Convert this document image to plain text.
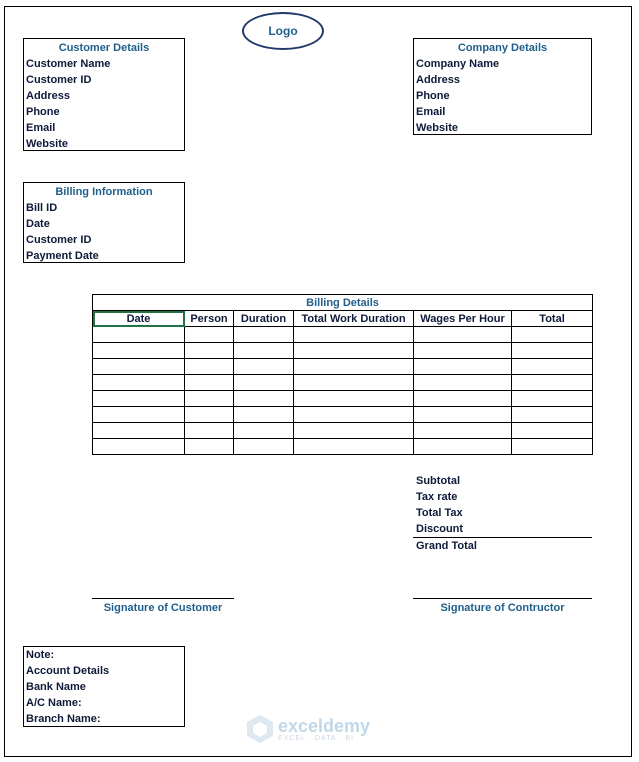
Logo
Customer Details
Customer Name
Customer ID
Address
Phone
Email
Website
Company Details
Company Name
Address
Phone
Email
Website
Billing Information
Bill ID
Date
Customer ID
Payment Date
Billing Details					
Date	Person	Duration	Total Work Duration	Wages Per Hour	Total

Subtotal
Tax rate
Total Tax
Discount
Grand Total
Signature of Customer	Signature of Contructor
Note:
Account Details
Bank Name
A/C Name:
Branch Name:	exceldemy
EXCEL · DATA · BI
